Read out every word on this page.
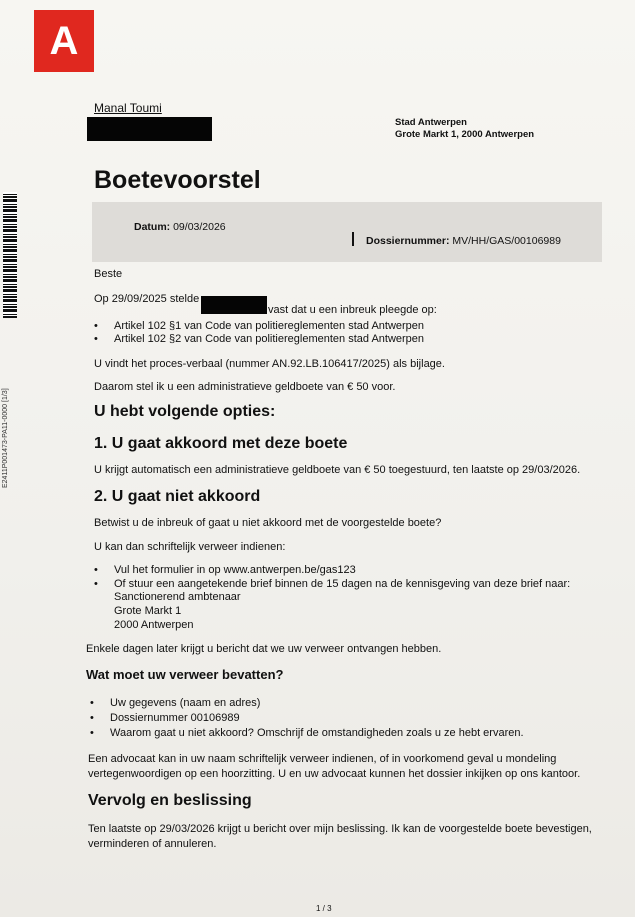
A
E2411P001473-PA11-0000 [1/3]
Manal Toumi
Stad Antwerpen
Grote Markt 1, 2000 Antwerpen
Boetevoorstel
Datum: 09/03/2026
Dossiernummer: MV/HH/GAS/00106989
Beste
Op 29/09/2025 stelde
vast dat u een inbreuk pleegde op:
• Artikel 102 §1 van Code van politiereglementen stad Antwerpen
• Artikel 102 §2 van Code van politiereglementen stad Antwerpen
U vindt het proces-verbaal (nummer AN.92.LB.106417/2025) als bijlage.
Daarom stel ik u een administratieve geldboete van € 50 voor.
U hebt volgende opties:
1. U gaat akkoord met deze boete
U krijgt automatisch een administratieve geldboete van € 50 toegestuurd, ten laatste op 29/03/2026.
2. U gaat niet akkoord
Betwist u de inbreuk of gaat u niet akkoord met de voorgestelde boete?
U kan dan schriftelijk verweer indienen:
• Vul het formulier in op www.antwerpen.be/gas123
• Of stuur een aangetekende brief binnen de 15 dagen na de kennisgeving van deze brief naar:
Sanctionerend ambtenaar
Grote Markt 1
2000 Antwerpen
Enkele dagen later krijgt u bericht dat we uw verweer ontvangen hebben.
Wat moet uw verweer bevatten?
• Uw gegevens (naam en adres)
• Dossiernummer 00106989
• Waarom gaat u niet akkoord? Omschrijf de omstandigheden zoals u ze hebt ervaren.
Een advocaat kan in uw naam schriftelijk verweer indienen, of in voorkomend geval u mondeling
vertegenwoordigen op een hoorzitting. U en uw advocaat kunnen het dossier inkijken op ons kantoor.
Vervolg en beslissing
Ten laatste op 29/03/2026 krijgt u bericht over mijn beslissing. Ik kan de voorgestelde boete bevestigen,
verminderen of annuleren.
1 / 3
